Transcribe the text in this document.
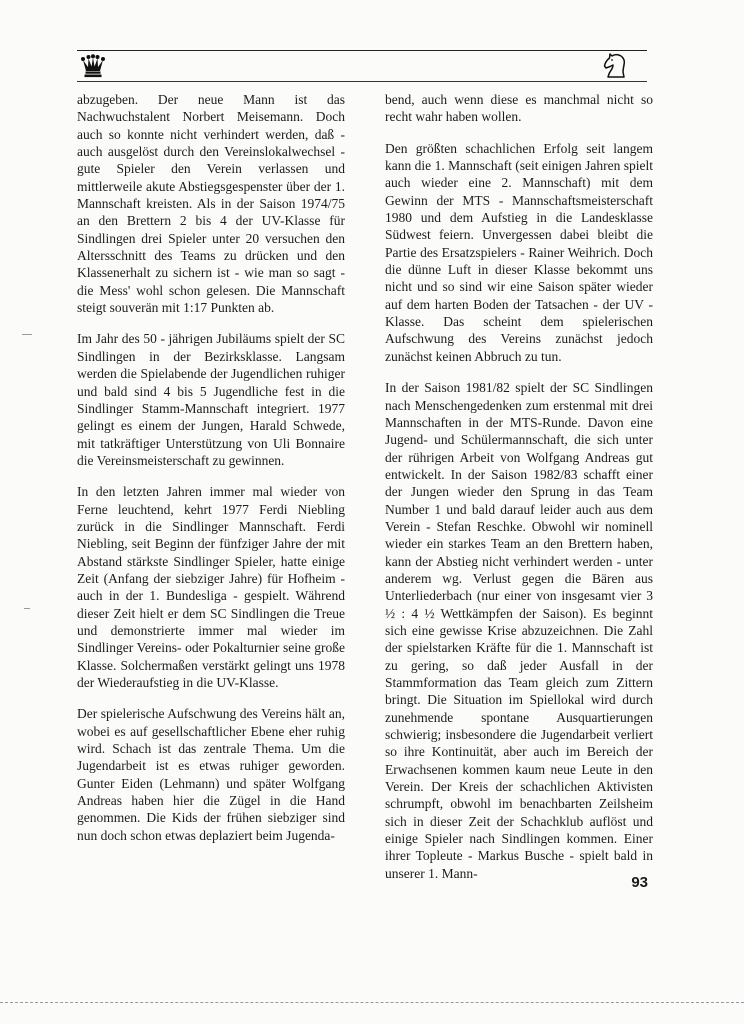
abzugeben. Der neue Mann ist das Nachwuchstalent Norbert Meisemann. Doch auch so konnte nicht verhindert werden, daß - auch ausgelöst durch den Vereinslokalwechsel - gute Spieler den Verein verlassen und mittlerweile akute Abstiegsgespenster über der 1. Mannschaft kreisten. Als in der Saison 1974/75 an den Brettern 2 bis 4 der UV-Klasse für Sindlingen drei Spieler unter 20 versuchen den Altersschnitt des Teams zu drücken und den Klassenerhalt zu sichern ist - wie man so sagt - die Mess' wohl schon gelesen. Die Mannschaft steigt souverän mit 1:17 Punkten ab.

Im Jahr des 50 - jährigen Jubiläums spielt der SC Sindlingen in der Bezirksklasse. Langsam werden die Spielabende der Jugendlichen ruhiger und bald sind 4 bis 5 Jugendliche fest in die Sindlinger Stamm-Mannschaft integriert. 1977 gelingt es einem der Jungen, Harald Schwede, mit tatkräftiger Unterstützung von Uli Bonnaire die Vereinsmeisterschaft zu gewinnen.

In den letzten Jahren immer mal wieder von Ferne leuchtend, kehrt 1977 Ferdi Niebling zurück in die Sindlinger Mannschaft. Ferdi Niebling, seit Beginn der fünfziger Jahre der mit Abstand stärkste Sindlinger Spieler, hatte einige Zeit (Anfang der siebziger Jahre) für Hofheim - auch in der 1. Bundesliga - gespielt. Während dieser Zeit hielt er dem SC Sindlingen die Treue und demonstrierte immer mal wieder im Sindlinger Vereins- oder Pokalturnier seine große Klasse. Solchermaßen verstärkt gelingt uns 1978 der Wiederaufstieg in die UV-Klasse.

Der spielerische Aufschwung des Vereins hält an, wobei es auf gesellschaftlicher Ebene eher ruhig wird. Schach ist das zentrale Thema. Um die Jugendarbeit ist es etwas ruhiger geworden. Gunter Eiden (Lehmann) und später Wolfgang Andreas haben hier die Zügel in die Hand genommen. Die Kids der frühen siebziger sind nun doch schon etwas deplaziert beim Jugenda-

bend, auch wenn diese es manchmal nicht so recht wahr haben wollen.

Den größten schachlichen Erfolg seit langem kann die 1. Mannschaft (seit einigen Jahren spielt auch wieder eine 2. Mannschaft) mit dem Gewinn der MTS - Mannschaftsmeisterschaft 1980 und dem Aufstieg in die Landesklasse Südwest feiern. Unvergessen dabei bleibt die Partie des Ersatzspielers - Rainer Weihrich. Doch die dünne Luft in dieser Klasse bekommt uns nicht und so sind wir eine Saison später wieder auf dem harten Boden der Tatsachen - der UV - Klasse. Das scheint dem spielerischen Aufschwung des Vereins zunächst jedoch zunächst keinen Abbruch zu tun.

In der Saison 1981/82 spielt der SC Sindlingen nach Menschengedenken zum erstenmal mit drei Mannschaften in der MTS-Runde. Davon eine Jugend- und Schülermannschaft, die sich unter der rührigen Arbeit von Wolfgang Andreas gut entwickelt. In der Saison 1982/83 schafft einer der Jungen wieder den Sprung in das Team Number 1 und bald darauf leider auch aus dem Verein - Stefan Reschke. Obwohl wir nominell wieder ein starkes Team an den Brettern haben, kann der Abstieg nicht verhindert werden - unter anderem wg. Verlust gegen die Bären aus Unterliederbach (nur einer von insgesamt vier 3 ½ : 4 ½ Wettkämpfen der Saison). Es beginnt sich eine gewisse Krise abzuzeichnen. Die Zahl der spielstarken Kräfte für die 1. Mannschaft ist zu gering, so daß jeder Ausfall in der Stammformation das Team gleich zum Zittern bringt. Die Situation im Spiellokal wird durch zunehmende spontane Ausquartierungen schwierig; insbesondere die Jugendarbeit verliert so ihre Kontinuität, aber auch im Bereich der Erwachsenen kommen kaum neue Leute in den Verein. Der Kreis der schachlichen Aktivisten schrumpft, obwohl im benachbarten Zeilsheim sich in dieser Zeit der Schachklub auflöst und einige Spieler nach Sindlingen kommen. Einer ihrer Topleute - Markus Busche - spielt bald in unserer 1. Mann-

93
